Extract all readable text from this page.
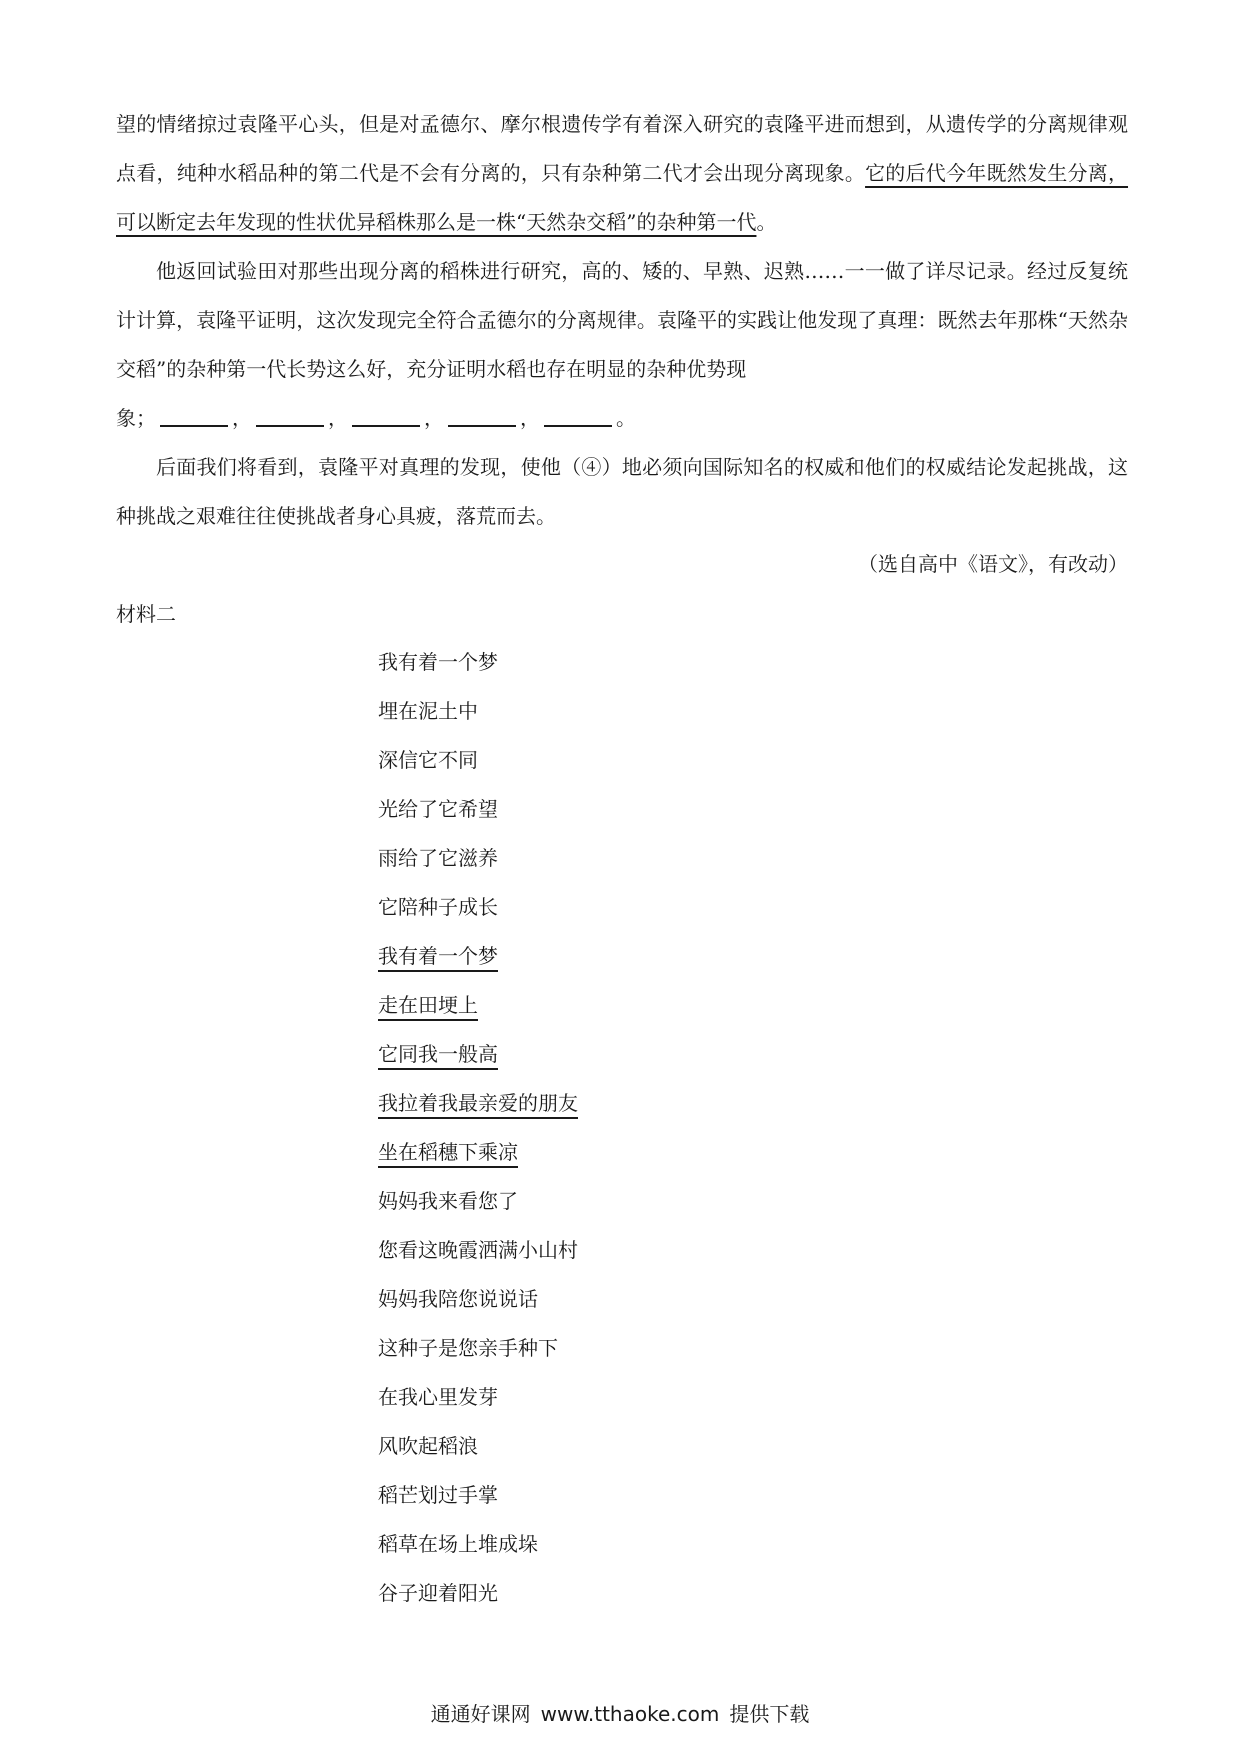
望的情绪掠过袁隆平心头，但是对孟德尔、摩尔根遗传学有着深入研究的袁隆平进而想到，从遗传学的分离规律观点看，纯种水稻品种的第二代是不会有分离的，只有杂种第二代才会出现分离现象。它的后代今年既然发生分离，可以断定去年发现的性状优异稻株那么是一株“天然杂交稻”的杂种第一代。

他返回试验田对那些出现分离的稻株进行研究，高的、矮的、早熟、迟熟……一一做了详尽记录。经过反复统计计算，袁隆平证明，这次发现完全符合孟德尔的分离规律。袁隆平的实践让他发现了真理：既然去年那株“天然杂交稻”的杂种第一代长势这么好，充分证明水稻也存在明显的杂种优势现

象；	，	，	，	，	。

后面我们将看到，袁隆平对真理的发现，使他（④）地必须向国际知名的权威和他们的权威结论发起挑战，这种挑战之艰难往往使挑战者身心具疲，落荒而去。

（选自高中《语文》，有改动）
材料二
我有着一个梦
埋在泥土中
深信它不同
光给了它希望
雨给了它滋养
它陪种子成长
我有着一个梦
走在田埂上
它同我一般高
我拉着我最亲爱的朋友
坐在稻穗下乘凉
妈妈我来看您了
您看这晚霞洒满小山村
妈妈我陪您说说话
这种子是您亲手种下
在我心里发芽
风吹起稻浪
稻芒划过手掌
稻草在场上堆成垛
谷子迎着阳光
通通好课网 www.tthaoke.com 提供下载
